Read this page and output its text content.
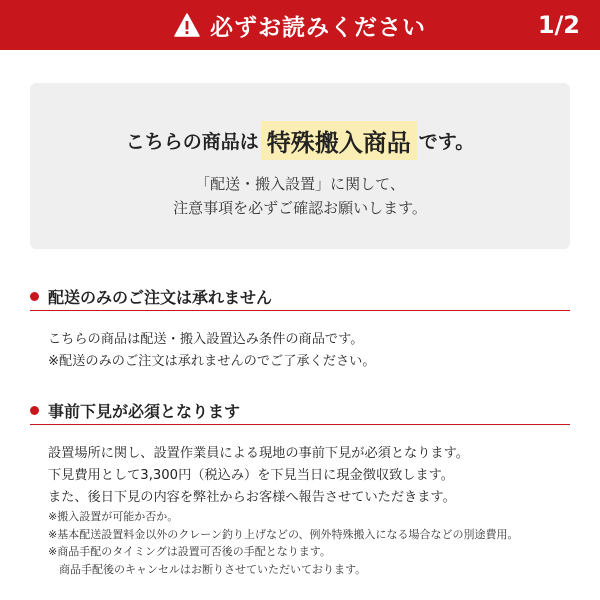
必ずお読みください	1/2
こちらの商品は 特殊搬入商品 です。
「配送・搬入設置」に関して、
注意事項を必ずご確認お願いします。
配送のみのご注文は承れません
こちらの商品は配送・搬入設置込み条件の商品です。
※配送のみのご注文は承れませんのでご了承ください。
事前下見が必須となります
設置場所に関し、設置作業員による現地の事前下見が必須となります。
下見費用として3,300円（税込み）を下見当日に現金徴収致します。
また、後日下見の内容を弊社からお客様へ報告させていただきます。
※搬入設置が可能か否か。
※基本配送設置料金以外のクレーン釣り上げなどの、例外特殊搬入になる場合などの別途費用。
※商品手配のタイミングは設置可否後の手配となります。
　商品手配後のキャンセルはお断りさせていただいております。
